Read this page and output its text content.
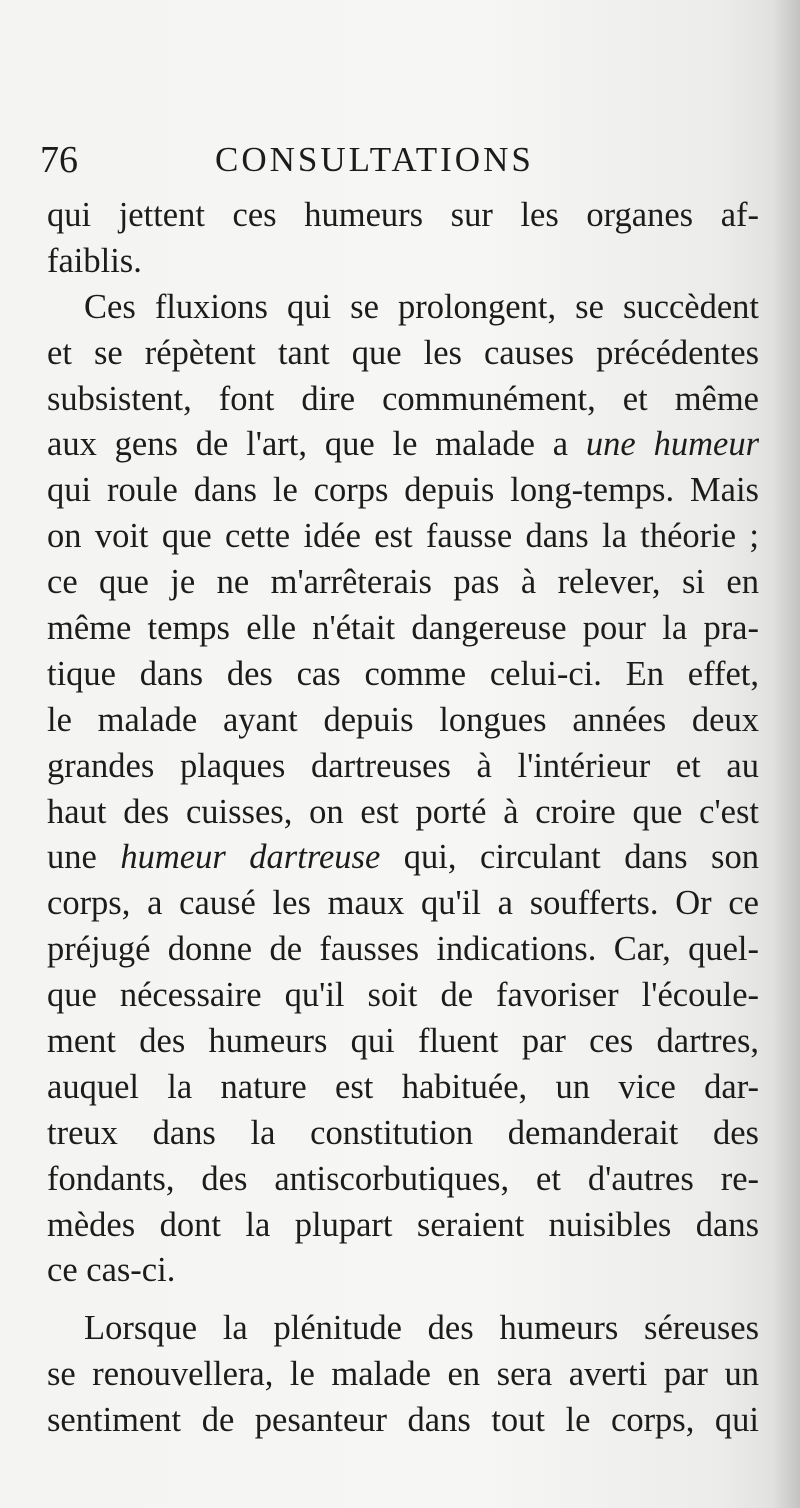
76	CONSULTATIONS
qui jettent ces humeurs sur les organes af-
faiblis.
Ces fluxions qui se prolongent, se succèdent
et se répètent tant que les causes précédentes
subsistent, font dire communément, et même
aux gens de l'art, que le malade a une humeur
qui roule dans le corps depuis long-temps. Mais
on voit que cette idée est fausse dans la théorie ;
ce que je ne m'arrêterais pas à relever, si en
même temps elle n'était dangereuse pour la pra-
tique dans des cas comme celui-ci. En effet,
le malade ayant depuis longues années deux
grandes plaques dartreuses à l'intérieur et au
haut des cuisses, on est porté à croire que c'est
une humeur dartreuse qui, circulant dans son
corps, a causé les maux qu'il a soufferts. Or ce
préjugé donne de fausses indications. Car, quel-
que nécessaire qu'il soit de favoriser l'écoule-
ment des humeurs qui fluent par ces dartres,
auquel la nature est habituée, un vice dar-
treux dans la constitution demanderait des
fondants, des antiscorbutiques, et d'autres re-
mèdes dont la plupart seraient nuisibles dans
ce cas-ci.
Lorsque la plénitude des humeurs séreuses
se renouvellera, le malade en sera averti par un
sentiment de pesanteur dans tout le corps, qui
